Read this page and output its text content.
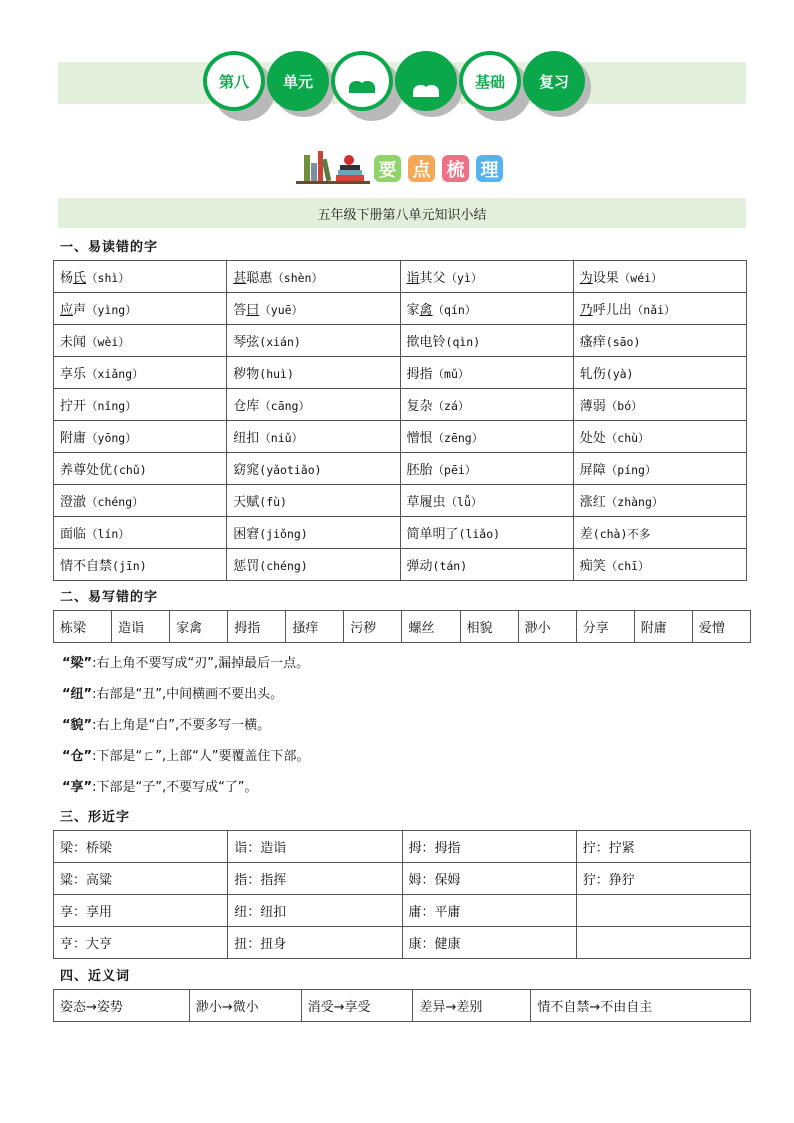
第八 单元	基础 复习
要 点 梳 理
五年级下册第八单元知识小结
一、易读错的字
杨氏（shì）	甚聪惠（shèn）	诣其父（yì）	为设果（wéi）
应声（yìng）	答曰（yuē）	家禽（qín）	乃呼儿出（nǎi）
未闻（wèi）	琴弦(xián)	揿电铃(qìn)	瘙痒(sāo)
享乐（xiǎng）	秽物(huì)	拇指（mǔ）	轧伤(yà)
拧开（nǐng）	仓库（cāng）	复杂（zá）	薄弱（bó）
附庸（yōng）	纽扣（niǔ）	憎恨（zēng）	处处（chù）
养尊处优(chǔ)	窈窕(yǎotiǎo)	胚胎（pēi）	屏障（píng）
澄澈（chéng）	天赋(fù)	草履虫（lǚ）	涨红（zhàng）
面临（lín）	困窘(jiǒng)	简单明了(liǎo)	差(chà)不多
情不自禁(jīn)	惩罚(chéng)	弹动(tán)	痴笑（chī）
二、易写错的字
栋梁	造诣	家禽	拇指	搔痒	污秽	螺丝	相貌	渺小	分享	附庸	爱憎
“梁”:右上角不要写成“刃”,漏掉最后一点。
“纽”:右部是“丑”,中间横画不要出头。
“貌”:右上角是“白”,不要多写一横。
“仓”:下部是“ㄈ”,上部“人”要覆盖住下部。
“享”:下部是“子”,不要写成“了”。
三、形近字
梁：桥梁	诣：造诣	拇：拇指	拧：拧紧
粱：高粱	指：指挥	姆：保姆	狞：狰狞
享：享用	纽：纽扣	庸：平庸	
亨：大亨	扭：扭身	康：健康	
四、近义词
姿态→姿势	渺小→微小	消受→享受	差异→差别	情不自禁→不由自主
